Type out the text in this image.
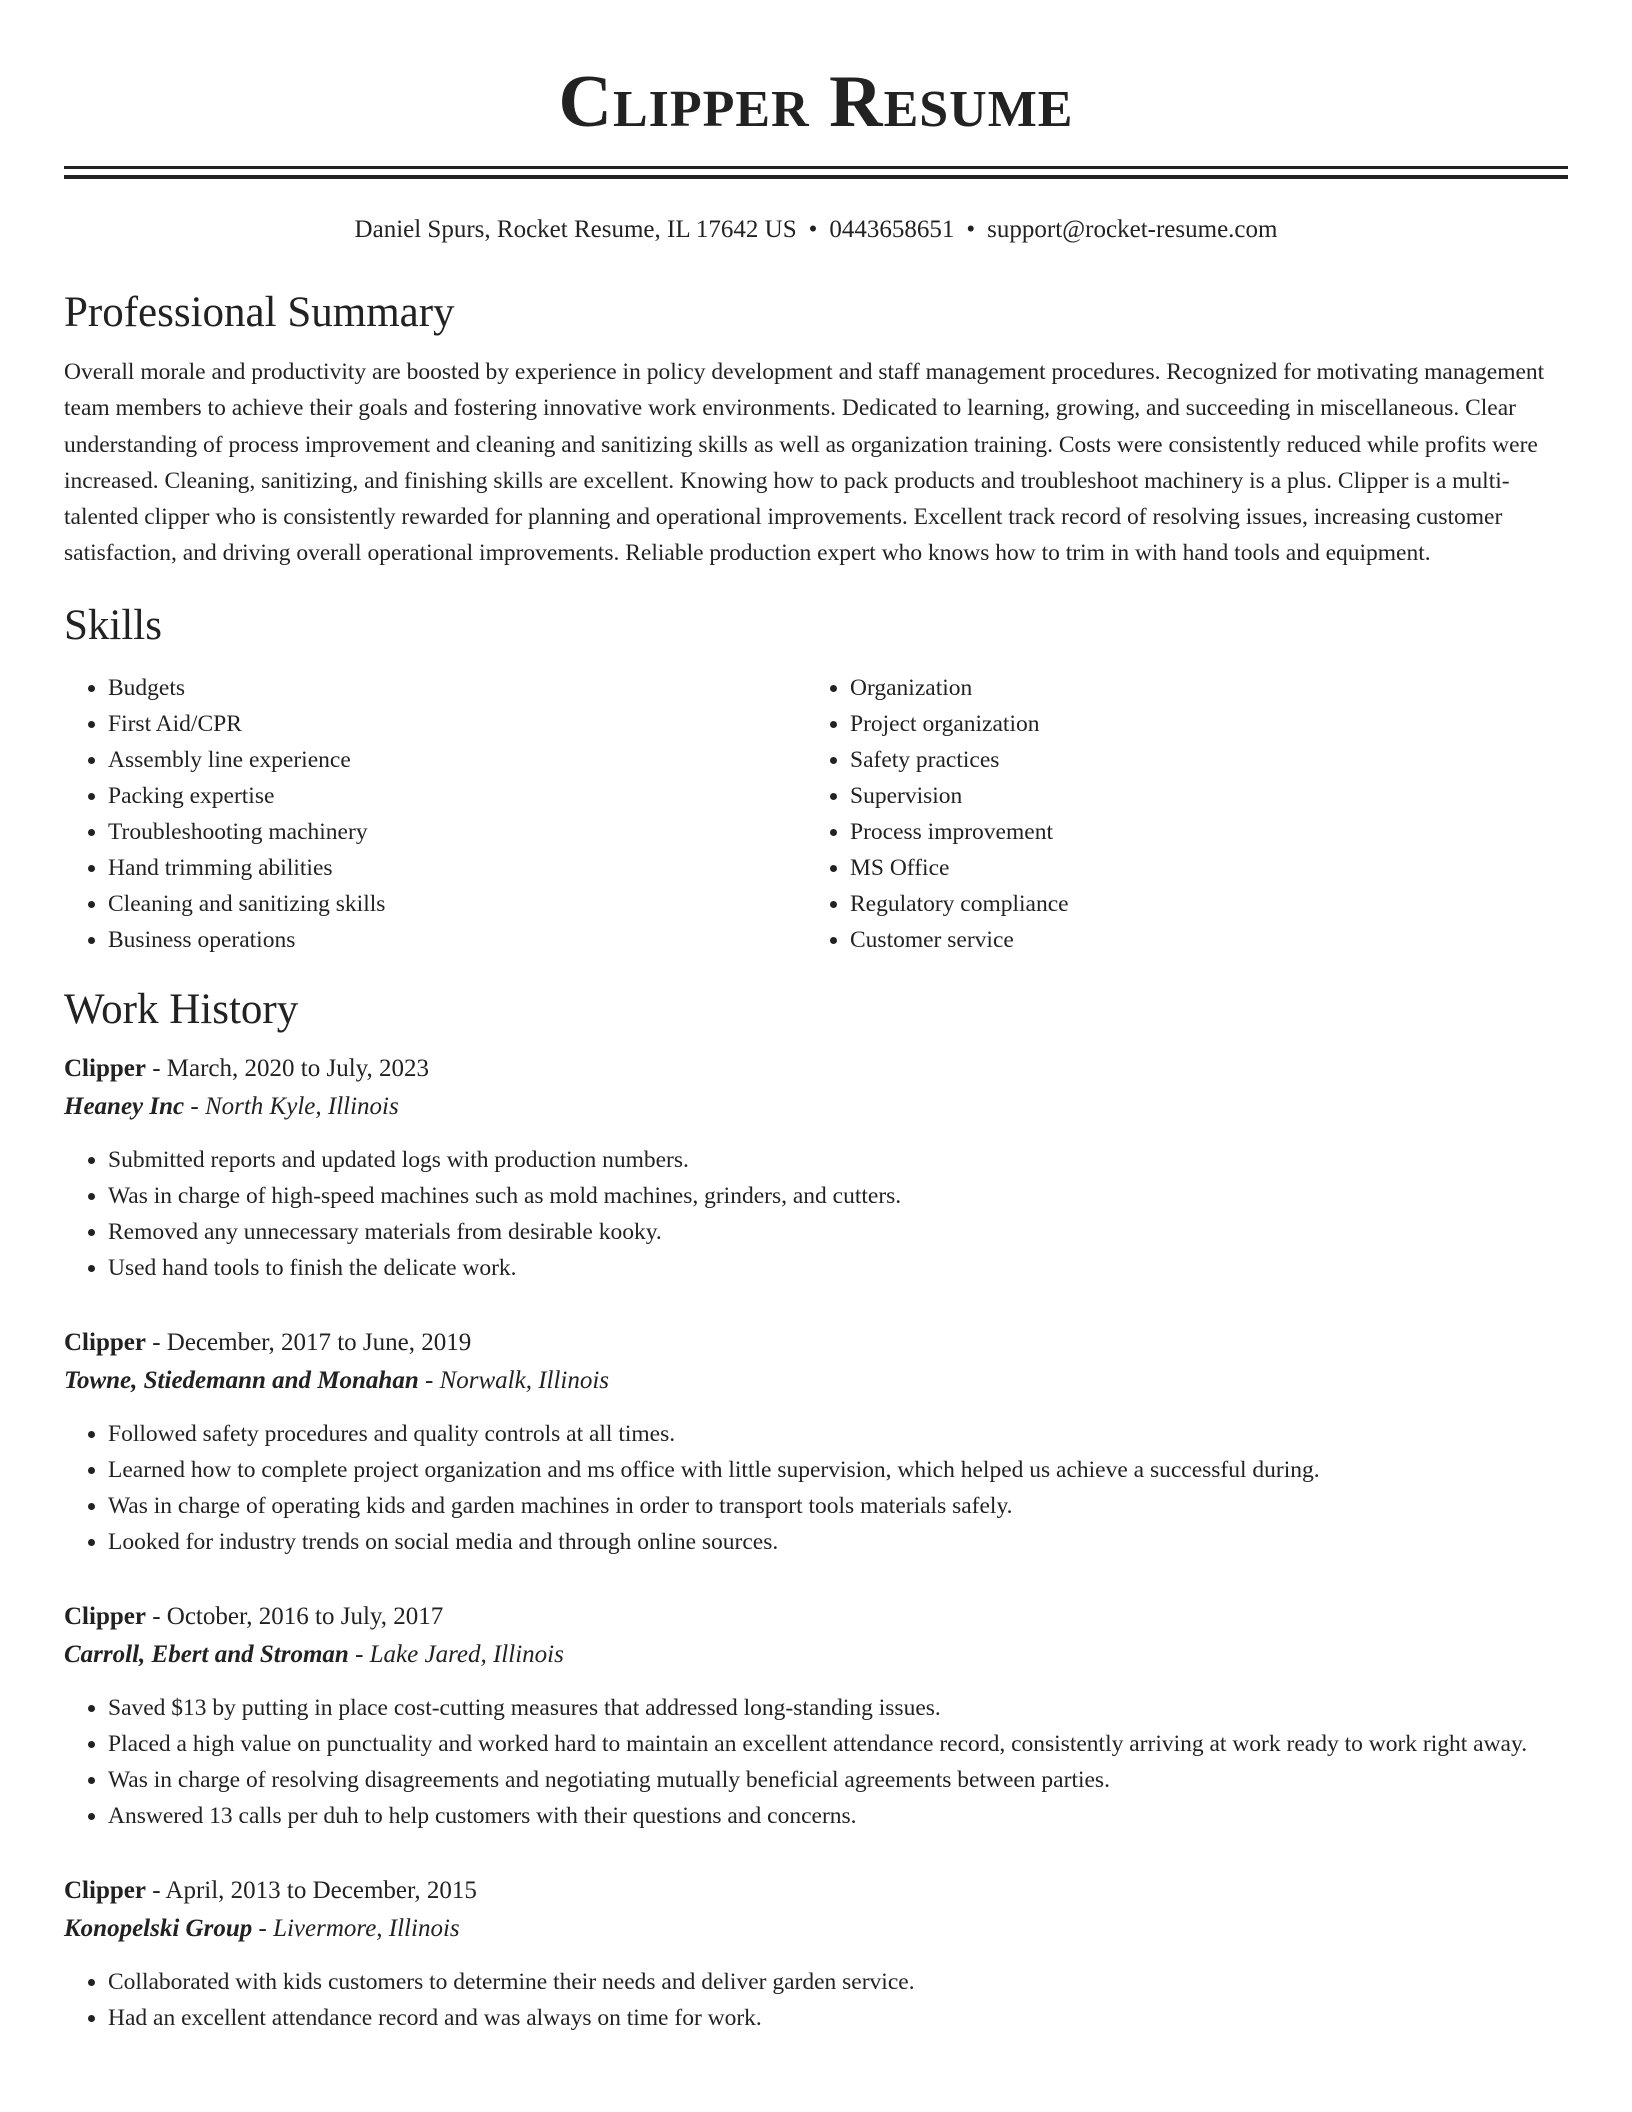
Clipper Resume
Daniel Spurs, Rocket Resume, IL 17642 US • 0443658651 • support@rocket-resume.com
Professional Summary

Overall morale and productivity are boosted by experience in policy development and staff management procedures. Recognized for motivating management team members to achieve their goals and fostering innovative work environments. Dedicated to learning, growing, and succeeding in miscellaneous. Clear understanding of process improvement and cleaning and sanitizing skills as well as organization training. Costs were consistently reduced while profits were increased. Cleaning, sanitizing, and finishing skills are excellent. Knowing how to pack products and troubleshoot machinery is a plus. Clipper is a multi-talented clipper who is consistently rewarded for planning and operational improvements. Excellent track record of resolving issues, increasing customer satisfaction, and driving overall operational improvements. Reliable production expert who knows how to trim in with hand tools and equipment.

Skills
• Budgets
• First Aid/CPR
• Assembly line experience
• Packing expertise
• Troubleshooting machinery
• Hand trimming abilities
• Cleaning and sanitizing skills
• Business operations
• Organization
• Project organization
• Safety practices
• Supervision
• Process improvement
• MS Office
• Regulatory compliance
• Customer service
Work History
Clipper - March, 2020 to July, 2023
Heaney Inc - North Kyle, Illinois
• Submitted reports and updated logs with production numbers.
• Was in charge of high-speed machines such as mold machines, grinders, and cutters.
• Removed any unnecessary materials from desirable kooky.
• Used hand tools to finish the delicate work.
Clipper - December, 2017 to June, 2019
Towne, Stiedemann and Monahan - Norwalk, Illinois
• Followed safety procedures and quality controls at all times.
• Learned how to complete project organization and ms office with little supervision, which helped us achieve a successful during.
• Was in charge of operating kids and garden machines in order to transport tools materials safely.
• Looked for industry trends on social media and through online sources.
Clipper - October, 2016 to July, 2017
Carroll, Ebert and Stroman - Lake Jared, Illinois
• Saved $13 by putting in place cost-cutting measures that addressed long-standing issues.
• Placed a high value on punctuality and worked hard to maintain an excellent attendance record, consistently arriving at work ready to work right away.
• Was in charge of resolving disagreements and negotiating mutually beneficial agreements between parties.
• Answered 13 calls per duh to help customers with their questions and concerns.
Clipper - April, 2013 to December, 2015
Konopelski Group - Livermore, Illinois
• Collaborated with kids customers to determine their needs and deliver garden service.
• Had an excellent attendance record and was always on time for work.
